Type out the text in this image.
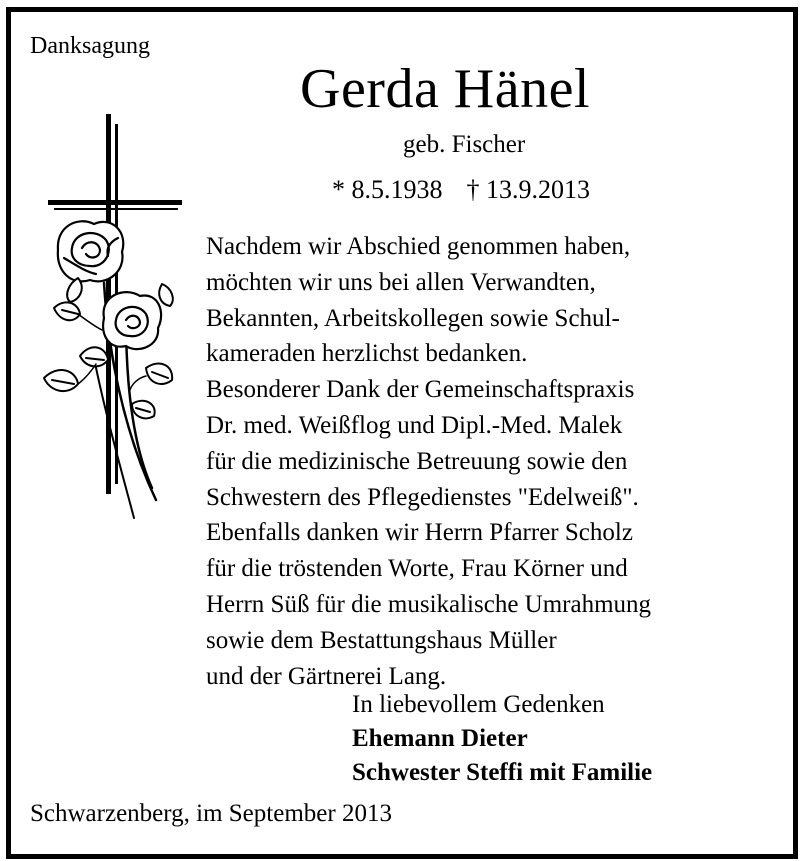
Danksagung
Gerda Hänel
geb. Fischer
* 8.5.1938 † 13.9.2013
Nachdem wir Abschied genommen haben,
möchten wir uns bei allen Verwandten,
Bekannten, Arbeitskollegen sowie Schul-
kameraden herzlichst bedanken.
Besonderer Dank der Gemeinschaftspraxis
Dr. med. Weißflog und Dipl.-Med. Malek
für die medizinische Betreuung sowie den
Schwestern des Pflegedienstes "Edelweiß".
Ebenfalls danken wir Herrn Pfarrer Scholz
für die tröstenden Worte, Frau Körner und
Herrn Süß für die musikalische Umrahmung
sowie dem Bestattungshaus Müller
und der Gärtnerei Lang.
In liebevollem Gedenken
Ehemann Dieter
Schwester Steffi mit Familie
Schwarzenberg, im September 2013
